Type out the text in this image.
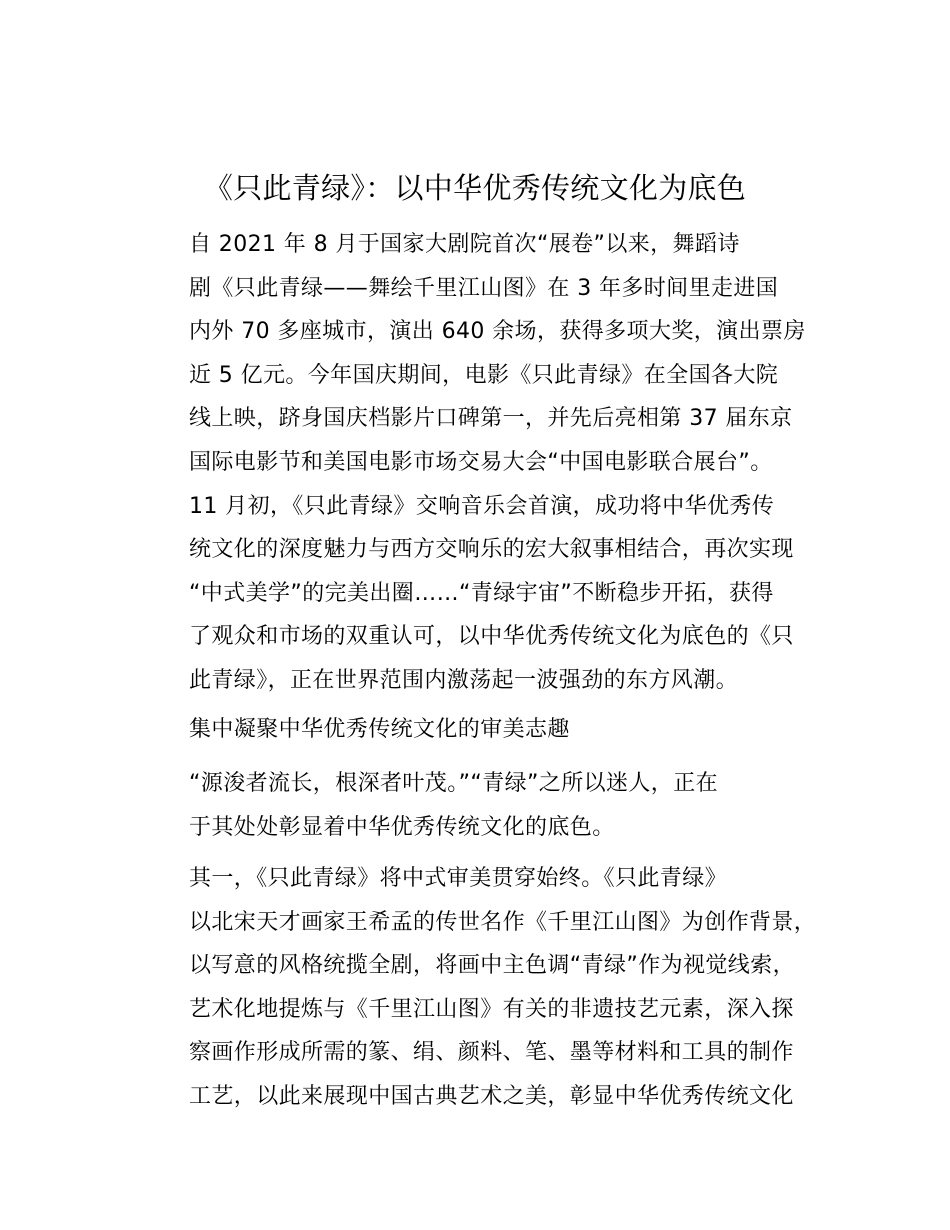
《只此青绿》：以中华优秀传统文化为底色

自 2021 年 8 月于国家大剧院首次“展卷”以来，舞蹈诗
剧《只此青绿——舞绘千里江山图》在 3 年多时间里走进国
内外 70 多座城市，演出 640 余场，获得多项大奖，演出票房
近 5 亿元。今年国庆期间，电影《只此青绿》在全国各大院
线上映，跻身国庆档影片口碑第一，并先后亮相第 37 届东京
国际电影节和美国电影市场交易大会“中国电影联合展台”。
11 月初，《只此青绿》交响音乐会首演，成功将中华优秀传
统文化的深度魅力与西方交响乐的宏大叙事相结合，再次实现
“中式美学”的完美出圈……“青绿宇宙”不断稳步开拓，获得
了观众和市场的双重认可，以中华优秀传统文化为底色的《只
此青绿》，正在世界范围内激荡起一波强劲的东方风潮。

集中凝聚中华优秀传统文化的审美志趣

“源浚者流长，根深者叶茂。”“青绿”之所以迷人，正在
于其处处彰显着中华优秀传统文化的底色。

其一，《只此青绿》将中式审美贯穿始终。《只此青绿》
以北宋天才画家王希孟的传世名作《千里江山图》为创作背景，
以写意的风格统揽全剧，将画中主色调“青绿”作为视觉线索，
艺术化地提炼与《千里江山图》有关的非遗技艺元素，深入探
察画作形成所需的篆、绢、颜料、笔、墨等材料和工具的制作
工艺，以此来展现中国古典艺术之美，彰显中华优秀传统文化
